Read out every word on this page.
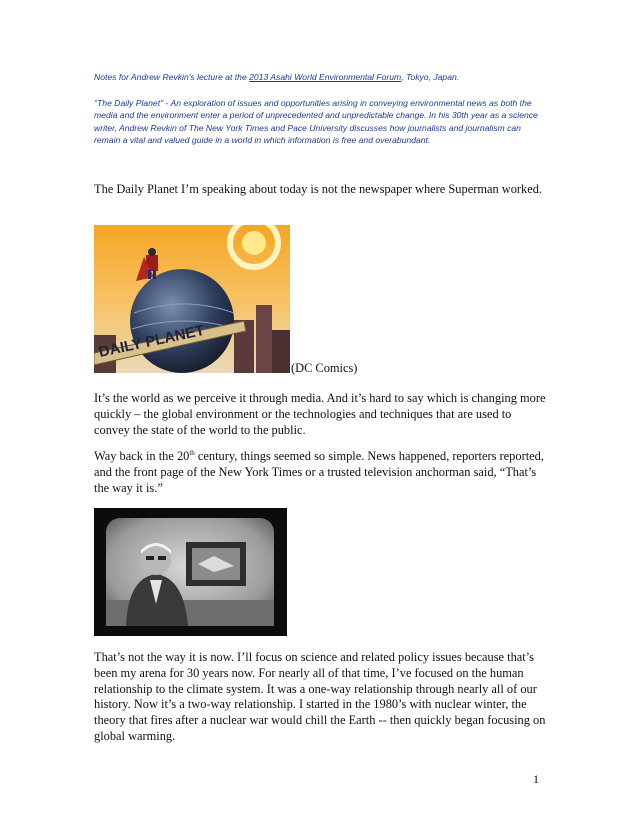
Notes for Andrew Revkin's lecture at the 2013 Asahi World Environmental Forum, Tokyo, Japan.
"The Daily Planet" - An exploration of issues and opportunities arising in conveying environmental news as both the media and the environment enter a period of unprecedented and unpredictable change. In his 30th year as a science writer, Andrew Revkin of The New York Times and Pace University discusses how journalists and journalism can remain a vital and valued guide in a world in which information is free and overabundant.
The Daily Planet I’m speaking about today is not the newspaper where Superman worked.
DAILY PLANET
(DC Comics)
It’s the world as we perceive it through media. And it’s hard to say which is changing more quickly – the global environment or the technologies and techniques that are used to convey the state of the world to the public.
Way back in the 20th century, things seemed so simple. News happened, reporters reported, and the front page of the New York Times or a trusted television anchorman said, “That’s the way it is.”
That’s not the way it is now. I’ll focus on science and related policy issues because that’s been my arena for 30 years now. For nearly all of that time, I’ve focused on the human relationship to the climate system. It was a one-way relationship through nearly all of our history. Now it’s a two-way relationship. I started in the 1980’s with nuclear winter, the theory that fires after a nuclear war would chill the Earth -- then quickly began focusing on global warming.
1
